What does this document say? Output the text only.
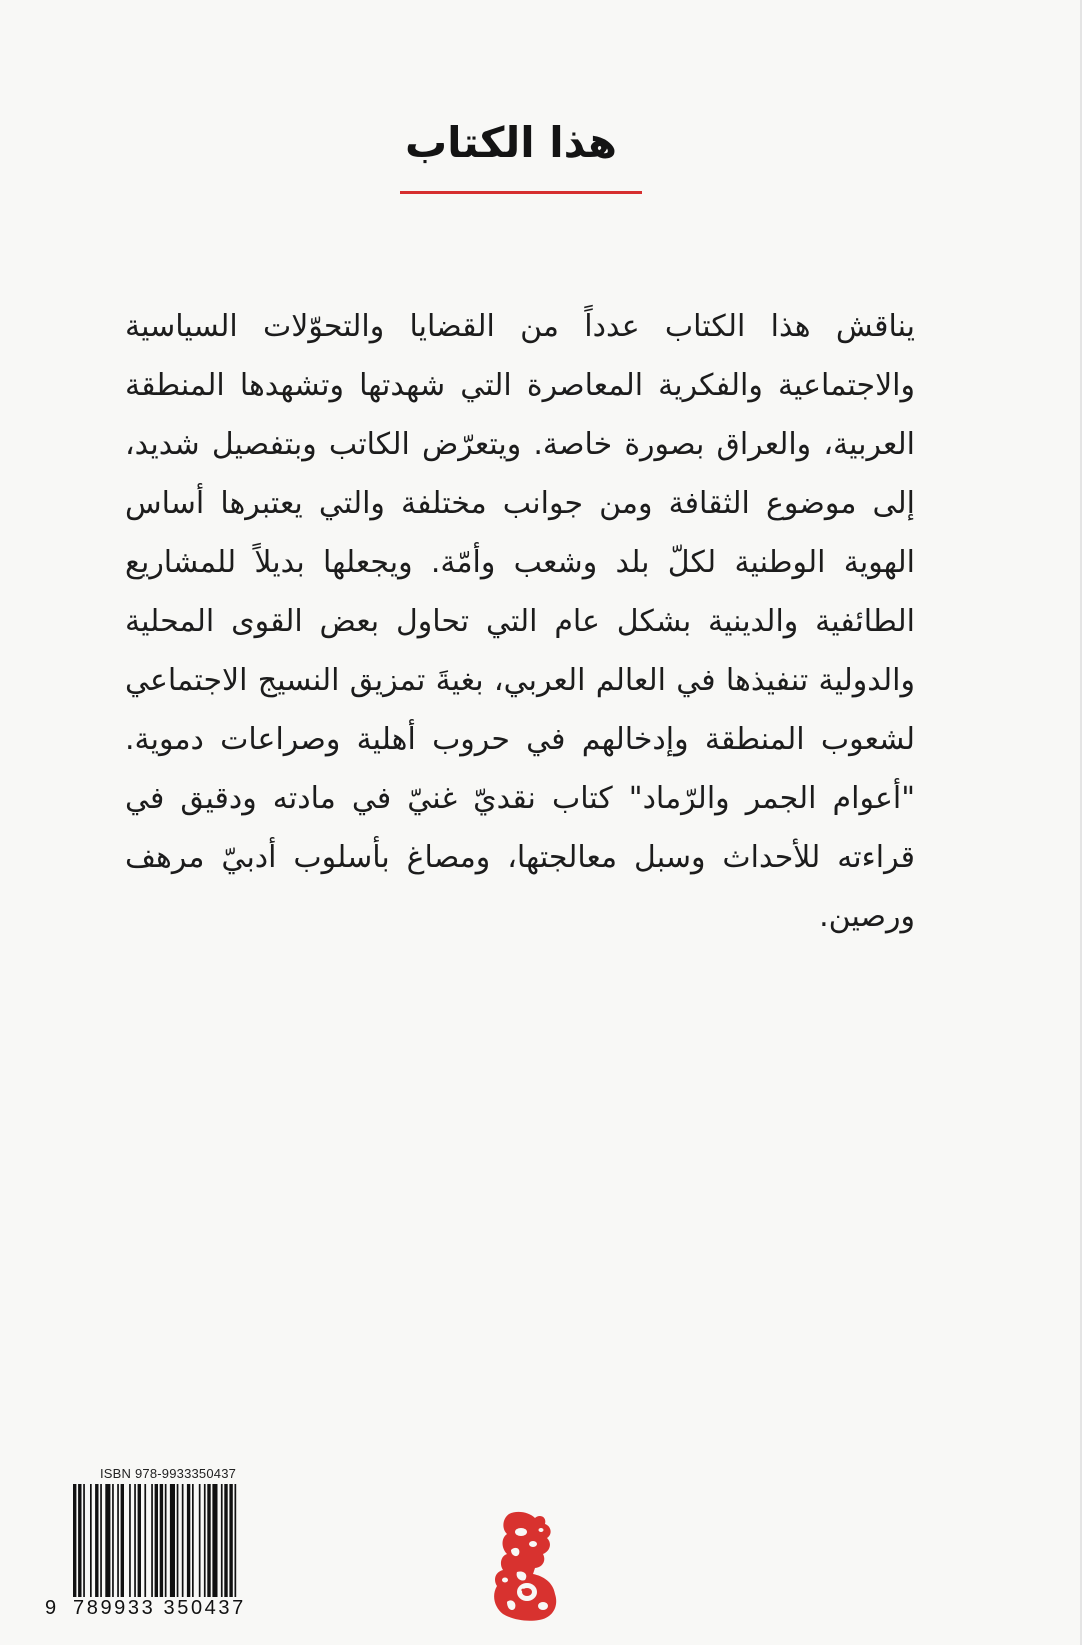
هذا الكتاب

يناقش هذا الكتاب عدداً من القضايا والتحوّلات السياسية والاجتماعية والفكرية المعاصرة التي شهدتها وتشهدها المنطقة العربية، والعراق بصورة خاصة. ويتعرّض الكاتب وبتفصيل شديد، إلى موضوع الثقافة ومن جوانب مختلفة والتي يعتبرها أساس الهوية الوطنية لكلّ بلد وشعب وأمّة. ويجعلها بديلاً للمشاريع الطائفية والدينية بشكل عام التي تحاول بعض القوى المحلية والدولية تنفيذها في العالم العربي، بغيةَ تمزيق النسيج الاجتماعي لشعوب المنطقة وإدخالهم في حروب أهلية وصراعات دموية. "أعوام الجمر والرّماد" كتاب نقديّ غنيّ في مادته ودقيق في قراءته للأحداث وسبل معالجتها، ومصاغ بأسلوب أدبيّ مرهف ورصين.

ISBN 978-9933350437
9 789933 350437
